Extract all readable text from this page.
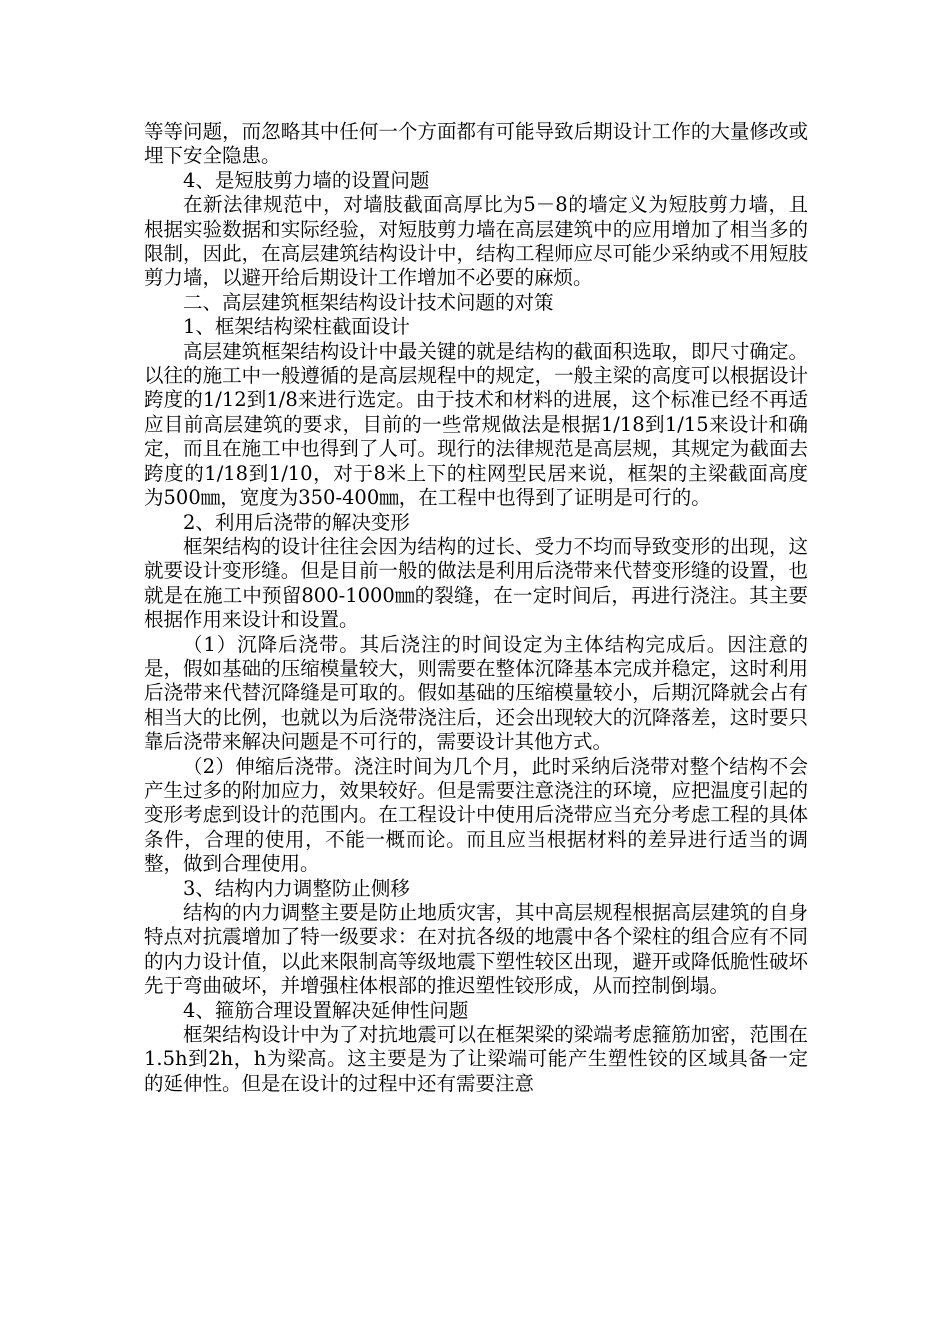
等等问题，而忽略其中任何一个方面都有可能导致后期设计工作的大量修改或埋下安全隐患。

4、是短肢剪力墙的设置问题

在新法律规范中，对墙肢截面高厚比为5－8的墙定义为短肢剪力墙，且根据实验数据和实际经验，对短肢剪力墙在高层建筑中的应用增加了相当多的限制，因此，在高层建筑结构设计中，结构工程师应尽可能少采纳或不用短肢剪力墙，以避开给后期设计工作增加不必要的麻烦。

二、高层建筑框架结构设计技术问题的对策

1、框架结构梁柱截面设计

高层建筑框架结构设计中最关键的就是结构的截面积选取，即尺寸确定。以往的施工中一般遵循的是高层规程中的规定，一般主梁的高度可以根据设计跨度的1/12到1/8来进行选定。由于技术和材料的进展，这个标准已经不再适应目前高层建筑的要求，目前的一些常规做法是根据1/18到1/15来设计和确定，而且在施工中也得到了人可。现行的法律规范是高层规，其规定为截面去跨度的1/18到1/10，对于8米上下的柱网型民居来说，框架的主梁截面高度为500㎜，宽度为350-400㎜，在工程中也得到了证明是可行的。

2、利用后浇带的解决变形

框架结构的设计往往会因为结构的过长、受力不均而导致变形的出现，这就要设计变形缝。但是目前一般的做法是利用后浇带来代替变形缝的设置，也就是在施工中预留800-1000㎜的裂缝，在一定时间后，再进行浇注。其主要根据作用来设计和设置。

（1）沉降后浇带。其后浇注的时间设定为主体结构完成后。因注意的是，假如基础的压缩模量较大，则需要在整体沉降基本完成并稳定，这时利用后浇带来代替沉降缝是可取的。假如基础的压缩模量较小，后期沉降就会占有相当大的比例，也就以为后浇带浇注后，还会出现较大的沉降落差，这时要只靠后浇带来解决问题是不可行的，需要设计其他方式。

（2）伸缩后浇带。浇注时间为几个月，此时采纳后浇带对整个结构不会产生过多的附加应力，效果较好。但是需要注意浇注的环境，应把温度引起的变形考虑到设计的范围内。在工程设计中使用后浇带应当充分考虑工程的具体条件，合理的使用，不能一概而论。而且应当根据材料的差异进行适当的调整，做到合理使用。

3、结构内力调整防止侧移

结构的内力调整主要是防止地质灾害，其中高层规程根据高层建筑的自身特点对抗震增加了特一级要求：在对抗各级的地震中各个梁柱的组合应有不同的内力设计值，以此来限制高等级地震下塑性较区出现，避开或降低脆性破坏先于弯曲破坏，并增强柱体根部的推迟塑性铰形成，从而控制倒塌。

4、箍筋合理设置解决延伸性问题

框架结构设计中为了对抗地震可以在框架梁的梁端考虑箍筋加密，范围在1.5h到2h，h为梁高。这主要是为了让梁端可能产生塑性铰的区域具备一定的延伸性。但是在设计的过程中还有需要注意
